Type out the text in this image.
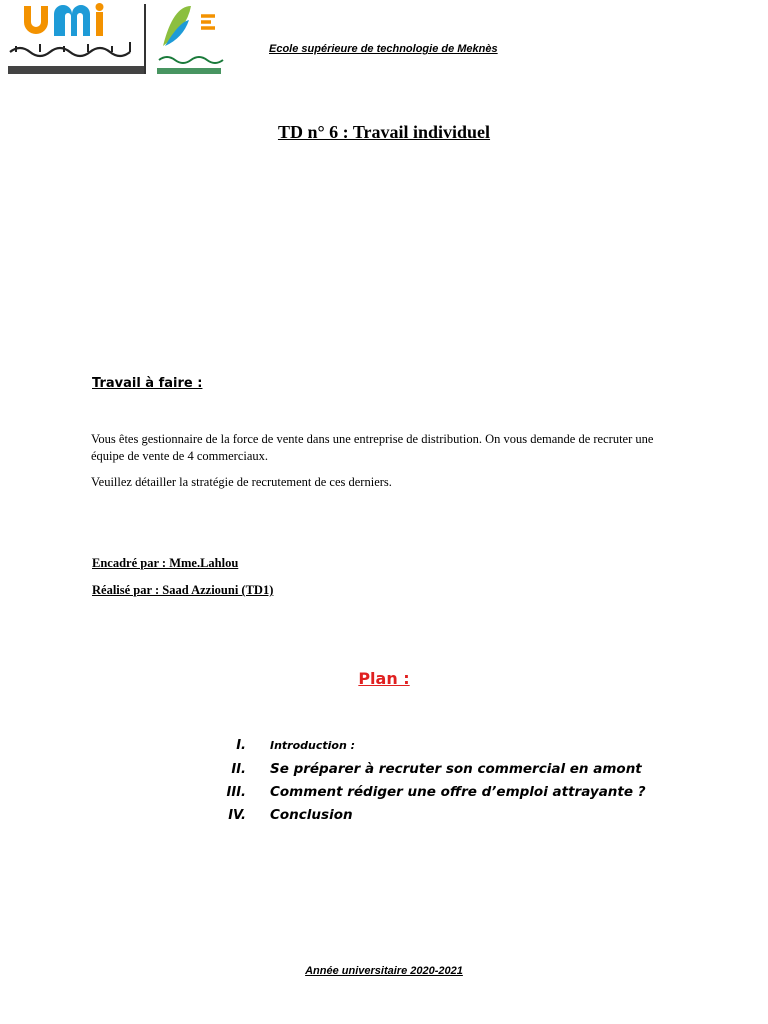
Ecole supérieure de technologie de Meknès
TD n° 6 : Travail individuel
Travail à faire :
Vous êtes gestionnaire de la force de vente dans une entreprise de distribution. On vous demande de recruter une équipe de vente de 4 commerciaux.
Veuillez détailler la stratégie de recrutement de ces derniers.
Encadré par : Mme.Lahlou
Réalisé par : Saad Azziouni (TD1)
Plan :
I.	Introduction :
II.	Se préparer à recruter son commercial en amont
III.	Comment rédiger une offre d’emploi attrayante ?
IV.	Conclusion
Année universitaire 2020-2021
